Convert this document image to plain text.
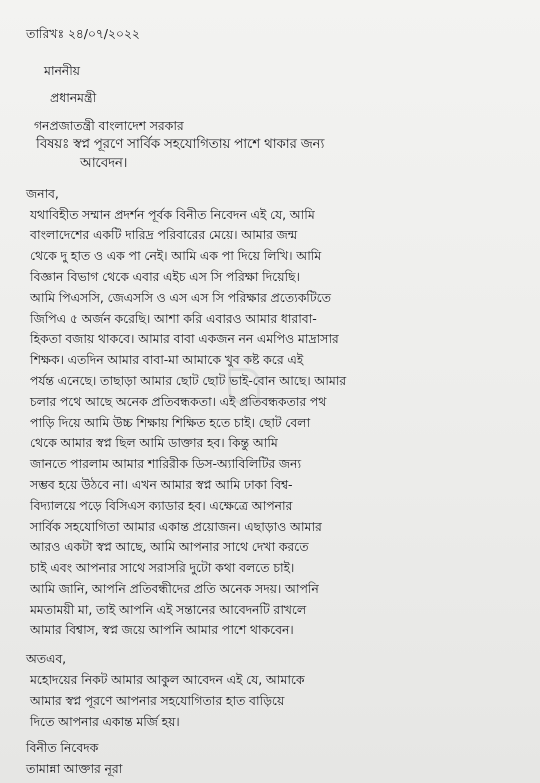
তারিখঃ ২৪/০৭/২০২২
মাননীয়
প্রধানমন্ত্রী
গনপ্রজাতন্ত্রী বাংলাদেশ সরকার
বিষয়ঃ স্বপ্ন পূরণে সার্বিক সহযোগিতায় পাশে থাকার জন্য
আবেদন।
জনাব,
যথাবিহীত সম্মান প্রদর্শন পূর্বক বিনীত নিবেদন এই যে, আমি
বাংলাদেশের একটি দারিদ্র পরিবারের মেয়ে। আমার জন্ম
থেকে দু হাত ও এক পা নেই। আমি এক পা দিয়ে লিখি। আমি
বিজ্ঞান বিভাগ থেকে এবার এইচ এস সি পরিক্ষা দিয়েছি।
আমি পিএসসি, জেএসসি ও এস এস সি পরিক্ষার প্রত্যেকটিতে
জিপিএ ৫ অর্জন করেছি। আশা করি এবারও আমার ধারাবা-
হিকতা বজায় থাকবে। আমার বাবা একজন নন এমপিও মাদ্রাসার
শিক্ষক। এতদিন আমার বাবা-মা আমাকে খুব কষ্ট করে এই
পর্যন্ত এনেছে। তাছাড়া আমার ছোট ছোট ভাই-বোন আছে। আমার
চলার পথে আছে অনেক প্রতিবন্ধকতা। এই প্রতিবন্ধকতার পথ
পাড়ি দিয়ে আমি উচ্চ শিক্ষায় শিক্ষিত হতে চাই। ছোট বেলা
থেকে আমার স্বপ্ন ছিল আমি ডাক্তার হব। কিন্তু আমি
জানতে পারলাম আমার শারিরীক ডিস-অ্যাবিলিটির জন্য
সম্ভব হয়ে উঠবে না। এখন আমার স্বপ্ন আমি ঢাকা বিশ্ব-
বিদ্যালয়ে পড়ে বিসিএস ক্যাডার হব। এক্ষেত্রে আপনার
সার্বিক সহযোগিতা আমার একান্ত প্রয়োজন। এছাড়াও আমার
আরও একটা স্বপ্ন আছে, আমি আপনার সাথে দেখা করতে
চাই এবং আপনার সাথে সরাসরি দুটো কথা বলতে চাই।
আমি জানি, আপনি প্রতিবন্ধীদের প্রতি অনেক সদয়। আপনি
মমতাময়ী মা, তাই আপনি এই সন্তানের আবেদনটি রাখলে
আমার বিশ্বাস, স্বপ্ন জয়ে আপনি আমার পাশে থাকবেন।
অতএব,
মহোদয়ের নিকট আমার আকুল আবেদন এই যে, আমাকে
আমার স্বপ্ন পূরণে আপনার সহযোগিতার হাত বাড়িয়ে
দিতে আপনার একান্ত মর্জি হয়।
বিনীত নিবেদক
তামান্না আক্তার নূরা
